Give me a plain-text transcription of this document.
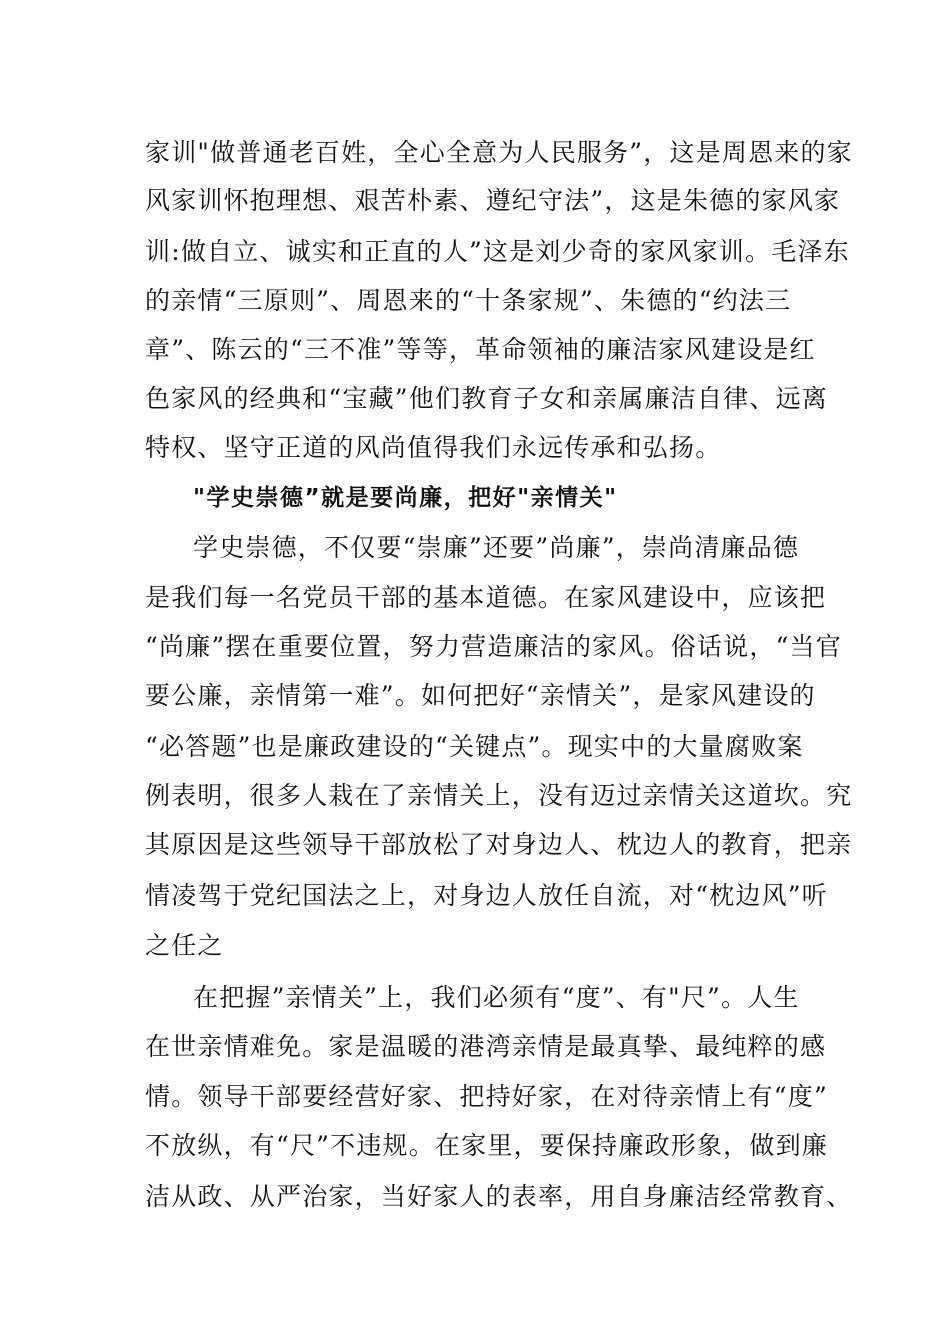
家训"做普通老百姓，全心全意为人民服务”，这是周恩来的家
风家训怀抱理想、艰苦朴素、遵纪守法”，这是朱德的家风家
训:做自立、诚实和正直的人”这是刘少奇的家风家训。毛泽东
的亲情“三原则”、周恩来的“十条家规”、朱德的“约法三
章”、陈云的“三不准”等等，革命领袖的廉洁家风建设是红
色家风的经典和“宝藏”他们教育子女和亲属廉洁自律、远离
特权、坚守正道的风尚值得我们永远传承和弘扬。
"学史崇德”就是要尚廉，把好"亲情关"
学史崇德，不仅要“崇廉”还要”尚廉”，崇尚清廉品德
是我们每一名党员干部的基本道德。在家风建设中，应该把
“尚廉”摆在重要位置，努力营造廉洁的家风。俗话说，“当官
要公廉，亲情第一难”。如何把好“亲情关”，是家风建设的
“必答题”也是廉政建设的“关键点”。现实中的大量腐败案
例表明，很多人栽在了亲情关上，没有迈过亲情关这道坎。究
其原因是这些领导干部放松了对身边人、枕边人的教育，把亲
情凌驾于党纪国法之上，对身边人放任自流，对“枕边风”听
之任之
在把握”亲情关”上，我们必须有“度”、有"尺”。人生
在世亲情难免。家是温暖的港湾亲情是最真挚、最纯粹的感
情。领导干部要经营好家、把持好家，在对待亲情上有“度”
不放纵，有“尺”不违规。在家里，要保持廉政形象，做到廉
洁从政、从严治家，当好家人的表率，用自身廉洁经常教育、
